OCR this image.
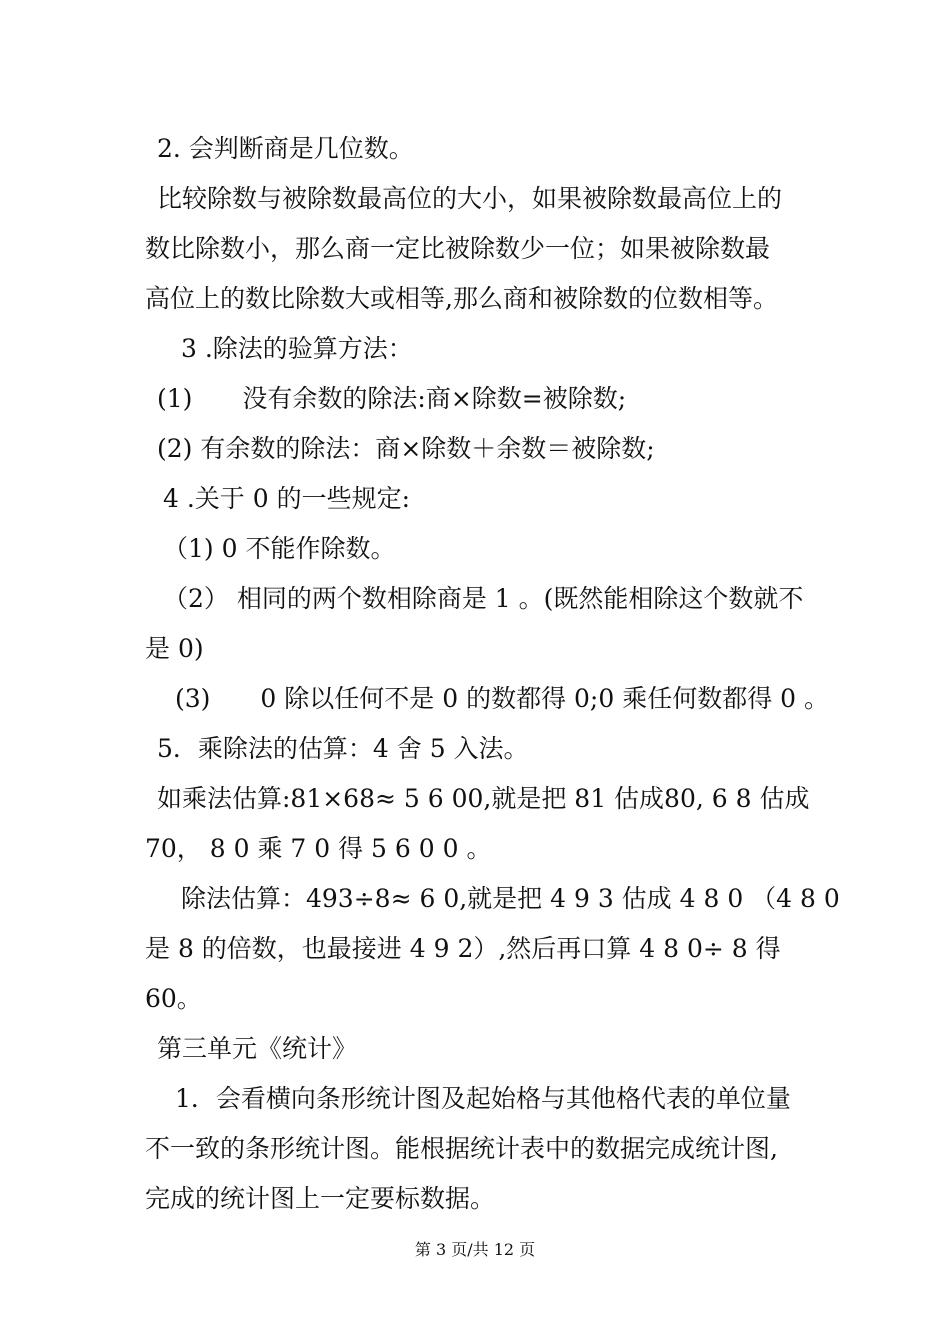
2. 会判断商是几位数。
比较除数与被除数最高位的大小，如果被除数最高位上的
数比除数小，那么商一定比被除数少一位；如果被除数最
高位上的数比除数大或相等,那么商和被除数的位数相等。
3 .除法的验算方法：
(1)　　没有余数的除法:商×除数=被除数;
(2) 有余数的除法：商×除数＋余数＝被除数;
4 .关于 0 的一些规定:
（1) 0 不能作除数。
（2） 相同的两个数相除商是 1 。(既然能相除这个数就不
是 0)
(3)　　0 除以任何不是 0 的数都得 0;0 乘任何数都得 0 。
5．乘除法的估算：4 舍 5 入法。
如乘法估算:81×68≈ 5 6 00,就是把 81 估成80, 6 8 估成
70， 8 0 乘 7 0 得 5 6 0 0 。
除法估算：493÷8≈ 6 0,就是把 4 9 3 估成 4 8 0 （4 8 0
是 8 的倍数，也最接进 4 9 2）,然后再口算 4 8 0÷ 8 得
60。
第三单元《统计》
1．会看横向条形统计图及起始格与其他格代表的单位量
不一致的条形统计图。能根据统计表中的数据完成统计图,
完成的统计图上一定要标数据。
第 3 页/共 12 页
